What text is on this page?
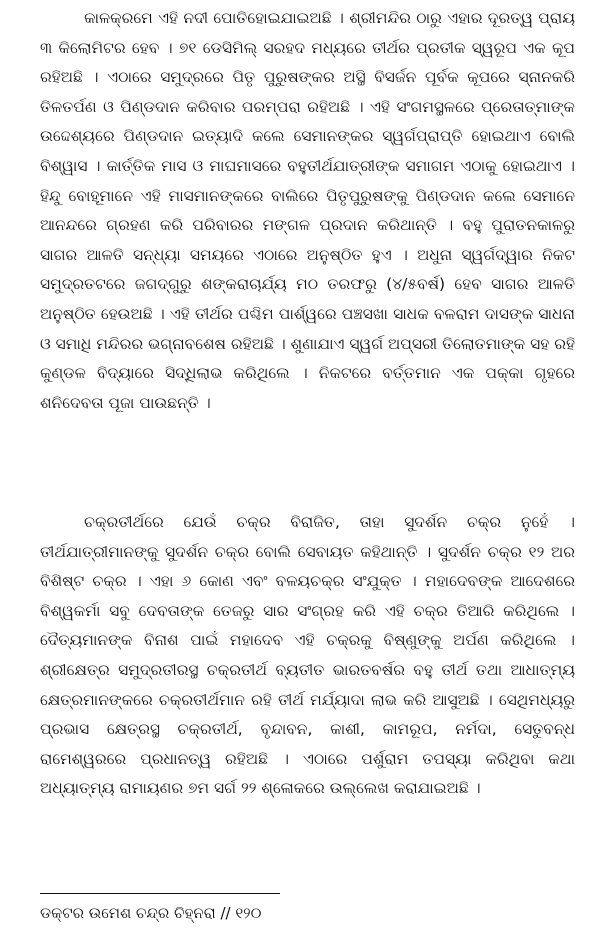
କାଳକ୍ରମେ ଏହି ନଦୀ ପୋତିହୋଇଯାଇଅଛି । ଶ୍ରୀମନ୍ଦିର ଠାରୁ ଏହାର ଦୂରତ୍ୱ ପ୍ରାୟ ୩ କିଲୋମିଟର ହେବ । ୭୧ ଡେସିମିଲ୍ ସରହଦ ମଧ୍ୟରେ ତୀର୍ଥର ପ୍ରତୀକ ସ୍ୱରୂପ ଏକ କୂପ ରହିଅଛି । ଏଠାରେ ସମୁଦ୍ରରେ ପିତୃ ପୁରୁଷଙ୍କର ଅସ୍ଥି ବିସର୍ଜନ ପୂର୍ବକ କୂପରେ ସ୍ନାନକରି ତିଳତର୍ପଣ ଓ ପିଣ୍ଡଦାନ କରିବାର ପରମ୍ପରା ରହିଅଛି । ଏହି ସଂଗମସ୍ଥଳରେ ପ୍ରେତାତ୍ମାଙ୍କ ଉଦ୍ଦେଶ୍ୟରେ ପିଣ୍ଡଦାନ ଇତ୍ୟାଦି କଲେ ସେମାନଙ୍କର ସ୍ୱର୍ଗପ୍ରାପ୍ତି ହୋଇଥାଏ ବୋଲି ବିଶ୍ୱାସ । କାର୍ତ୍ତିକ ମାସ ଓ ମାଘମାସରେ ବହୁତୀର୍ଥଯାତ୍ରୀଙ୍କ ସମାଗମ ଏଠାକୁ ହୋଇଥାଏ । ହିନ୍ଦୁ ବୋହୂମାନେ ଏହି ମାସମାନଙ୍କରେ ବାଲିରେ ପିତୃପୁରୁଷଙ୍କୁ ପିଣ୍ଡଦାନ କଲେ ସେମାନେ ଆନନ୍ଦରେ ଗ୍ରହଣ କରି ପରିବାରର ମଙ୍ଗଳ ପ୍ରଦାନ କରିଥାନ୍ତି । ବହୁ ପୁରାତନକାଳରୁ ସାଗର ଆଳତି ସନ୍ଧ୍ୟା ସମୟରେ ଏଠାରେ ଅନୁଷ୍ଠିତ ହୁଏ । ଅଧୁନା ସ୍ୱର୍ଗଦ୍ୱାର ନିକଟ ସମୁଦ୍ରତଟରେ ଜଗଦ୍‌ଗୁରୁ ଶଙ୍କରାଚାର୍ଯ୍ୟ ମଠ ତରଫରୁ (୪/୫ବର୍ଷ) ହେବ ସାଗର ଆଳତି ଅନୁଷ୍ଠିତ ହେଉଅଛି । ଏହି ତୀର୍ଥର ପଶ୍ଚିମ ପାର୍ଶ୍ୱରେ ପଞ୍ଚସଖା ସାଧକ ବଳରାମ ଦାସଙ୍କ ସାଧନା ଓ ସମାଧି ମନ୍ଦିରର ଭଗ୍ନାବଶେଷ ରହିଅଛି । ଶୁଣାଯାଏ ସ୍ୱର୍ଗ ଅପ୍ସରୀ ତିଲୋତମାଙ୍କ ସହ ରହି କୁଣ୍ଡଳ ବିଦ୍ୟାରେ ସିଦ୍ଧିଲାଭ କରିଥିଲେ । ନିକଟରେ ବର୍ତ୍ତମାନ ଏକ ପକ୍କା ଗୃହରେ ଶନିଦେବତା ପୂଜା ପାଉଛନ୍ତି ।

ଚକ୍ରତୀର୍ଥରେ ଯେଉଁ ଚକ୍ର ବିରାଜିତ, ତାହା ସୁଦର୍ଶନ ଚକ୍ର ନୁହେଁ । ତୀର୍ଥଯାତ୍ରୀମାନଙ୍କୁ ସୁଦର୍ଶନ ଚକ୍ର ବୋଲି ସେବାୟତ କହିଥାନ୍ତି । ସୁଦର୍ଶନ ଚକ୍ର ୧୨ ଅର ବିଶିଷ୍ଟ ଚକ୍ର । ଏହା ୬ କୋଣ ଏବଂ ବଳୟଚକ୍ର ସଂଯୁକ୍ତ । ମହାଦେବଙ୍କ ଆଦେଶରେ ବିଶ୍ୱକର୍ମା ସବୁ ଦେବତାଙ୍କ ତେଜରୁ ସାର ସଂଗ୍ରହ କରି ଏହି ଚକ୍ର ତିଆରି କରିଥିଲେ । ଦୈତ୍ୟମାନଙ୍କ ବିନାଶ ପାଇଁ ମହାଦେବ ଏହି ଚକ୍ରକୁ ବିଷ୍ଣୁଙ୍କୁ ଅର୍ପଣ କରିଥିଲେ । ଶ୍ରୀକ୍ଷେତ୍ର ସମୁଦ୍ରତୀରସ୍ଥ ଚକ୍ରତୀର୍ଥ ବ୍ୟତୀତ ଭାରତବର୍ଷର ବହୁ ତୀର୍ଥ ତଥା ଆଧାତ୍ମ୍ୟ କ୍ଷେତ୍ରମାନଙ୍କରେ ଚକ୍ରତୀର୍ଥମାନ ରହି ତୀର୍ଥ ମର୍ଯ୍ୟାଦା ଲାଭ କରି ଆସୁଅଛି । ସେଥିମଧ୍ୟରୁ ପ୍ରଭାସ କ୍ଷେତ୍ରସ୍ଥ ଚକ୍ରତୀର୍ଥ, ବୃନ୍ଦାବନ, କାଶୀ, କାମରୂପ, ନର୍ମଦା, ସେତୁବନ୍ଧ ରାମେଶ୍ୱରରେ ପ୍ରଧାନତ୍ୱ ରହିଅଛି । ଏଠାରେ ପର୍ଶୁରାମ ତପସ୍ୟା କରିଥିବା କଥା ଅଧ୍ୟାତ୍ମ୍ୟ ରାମାୟଣର ୭ମ ସର୍ଗ ୨୨ ଶ୍ଳୋକରେ ଉଲ୍ଲେଖ କରାଯାଇଅଛି ।

ଡକ୍ଟର ଉମେଶ ଚନ୍ଦ୍ର ଚିହ୍ନରା // ୧୨୦
